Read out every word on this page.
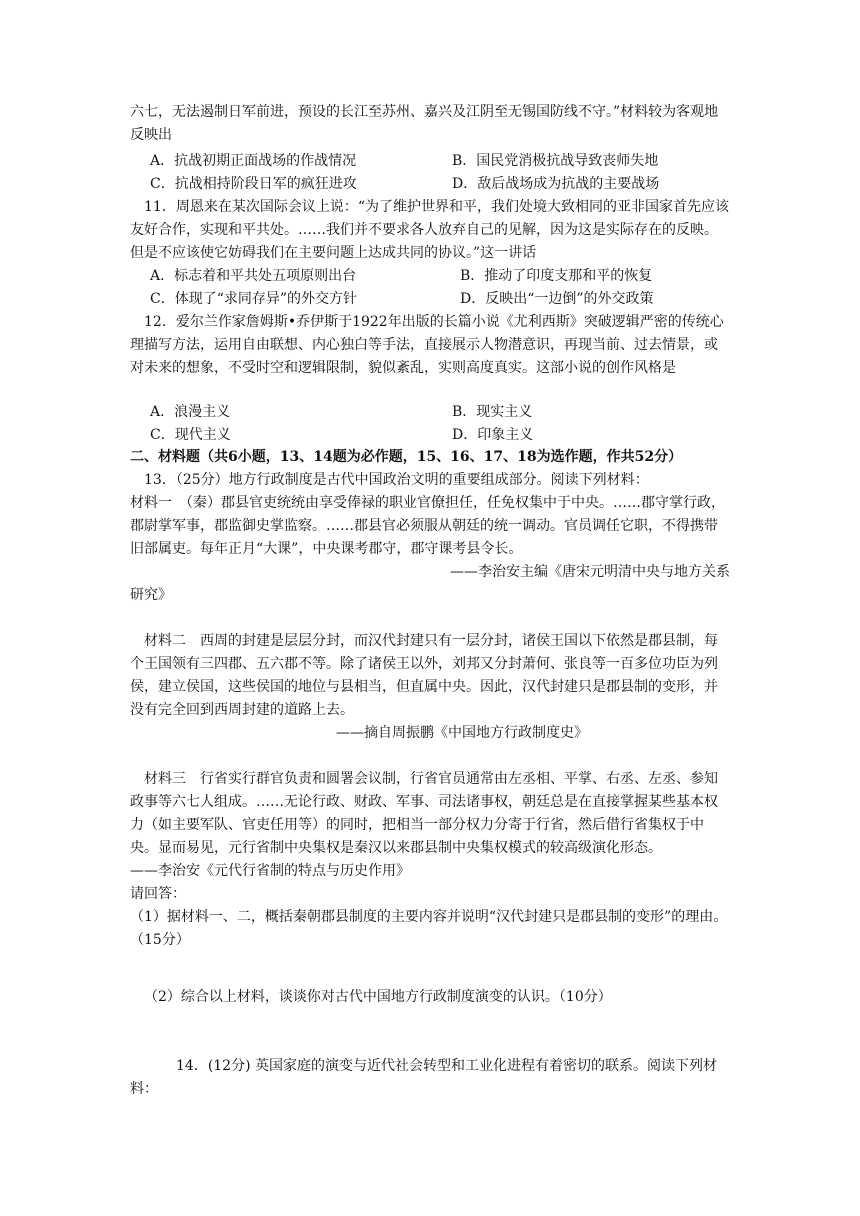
六七，无法遏制日军前进，预设的长江至苏州、嘉兴及江阴至无锡国防线不守。”材料较为客观地反映出

A．抗战初期正面战场的作战情况	B．国民党消极抗战导致丧师失地
C．抗战相持阶段日军的疯狂进攻	D．敌后战场成为抗战的主要战场

11．周恩来在某次国际会议上说：“为了维护世界和平，我们处境大致相同的亚非国家首先应该友好合作，实现和平共处。……我们并不要求各人放弃自己的见解，因为这是实际存在的反映。但是不应该使它妨碍我们在主要问题上达成共同的协议。”这一讲话

A．标志着和平共处五项原则出台	B．推动了印度支那和平的恢复
C．体现了“求同存异”的外交方针	D．反映出“一边倒”的外交政策

12．爱尔兰作家詹姆斯•乔伊斯于1922年出版的长篇小说《尤利西斯》突破逻辑严密的传统心理描写方法，运用自由联想、内心独白等手法，直接展示人物潜意识，再现当前、过去情景，或对未来的想象，不受时空和逻辑限制，貌似紊乱，实则高度真实。这部小说的创作风格是

A．浪漫主义	B．现实主义
C．现代主义	D．印象主义
二、材料题（共6小题，13、14题为必作题，15、16、17、18为选作题，作共52分）
13．（25分）地方行政制度是古代中国政治文明的重要组成部分。阅读下列材料：

材料一　（秦）郡县官吏统统由享受俸禄的职业官僚担任，任免权集中于中央。……郡守掌行政，郡尉掌军事，郡监御史掌监察。……郡县官必须服从朝廷的统一调动。官员调任它职，不得携带旧部属吏。每年正月“大课”，中央课考郡守，郡守课考县令长。

——李治安主编《唐宋元明清中央与地方关系
研究》

材料二　西周的封建是层层分封，而汉代封建只有一层分封，诸侯王国以下依然是郡县制，每个王国领有三四郡、五六郡不等。除了诸侯王以外，刘邦又分封萧何、张良等一百多位功臣为列侯，建立侯国，这些侯国的地位与县相当，但直属中央。因此，汉代封建只是郡县制的变形，并没有完全回到西周封建的道路上去。

——摘自周振鹏《中国地方行政制度史》

材料三　行省实行群官负责和圆署会议制，行省官员通常由左丞相、平掌、右丞、左丞、参知政事等六七人组成。……无论行政、财政、军事、司法诸事权，朝廷总是在直接掌握某些基本权力（如主要军队、官吏任用等）的同时，把相当一部分权力分寄于行省，然后借行省集权于中央。显而易见，元行省制中央集权是秦汉以来郡县制中央集权模式的较高级演化形态。

——李治安《元代行省制的特点与历史作用》
请回答：

（1）据材料一、二，概括秦朝郡县制度的主要内容并说明“汉代封建只是郡县制的变形”的理由。（15分）

（2）综合以上材料，谈谈你对古代中国地方行政制度演变的认识。（10分）

14．(12分) 英国家庭的演变与近代社会转型和工业化进程有着密切的联系。阅读下列材料：
